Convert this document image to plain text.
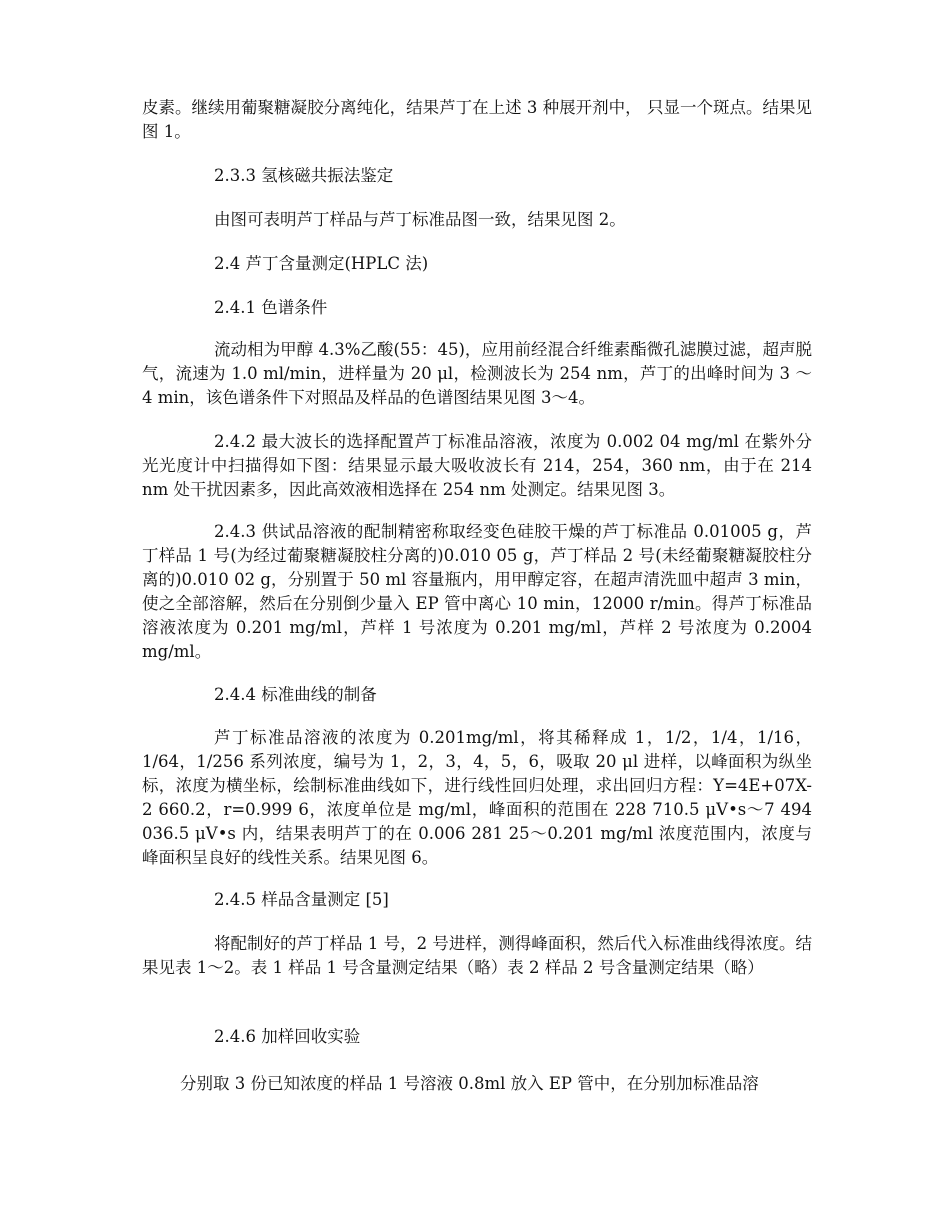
皮素。继续用葡聚糖凝胶分离纯化，结果芦丁在上述 3 种展开剂中， 只显一个斑点。结果见图 1。

2.3.3 氢核磁共振法鉴定

由图可表明芦丁样品与芦丁标准品图一致，结果见图 2。

2.4 芦丁含量测定(HPLC 法)

2.4.1 色谱条件

流动相为甲醇 4.3%乙酸(55：45)，应用前经混合纤维素酯微孔滤膜过滤，超声脱气，流速为 1.0 ml/min，进样量为 20 μl，检测波长为 254 nm，芦丁的出峰时间为 3 ～4 min，该色谱条件下对照品及样品的色谱图结果见图 3～4。

2.4.2 最大波长的选择配置芦丁标准品溶液，浓度为 0.002 04 mg/ml 在紫外分光光度计中扫描得如下图：结果显示最大吸收波长有 214，254，360 nm，由于在 214 nm 处干扰因素多，因此高效液相选择在 254 nm 处测定。结果见图 3。

2.4.3 供试品溶液的配制精密称取经变色硅胶干燥的芦丁标准品 0.01005 g，芦丁样品 1 号(为经过葡聚糖凝胶柱分离的)0.010 05 g，芦丁样品 2 号(未经葡聚糖凝胶柱分离的)0.010 02 g，分别置于 50 ml 容量瓶内，用甲醇定容，在超声清洗皿中超声 3 min，使之全部溶解，然后在分别倒少量入 EP 管中离心 10 min，12000 r/min。得芦丁标准品溶液浓度为 0.201 mg/ml，芦样 1 号浓度为 0.201 mg/ml，芦样 2 号浓度为 0.2004 mg/ml。

2.4.4 标准曲线的制备

芦丁标准品溶液的浓度为 0.201mg/ml，将其稀释成 1，1/2，1/4，1/16，1/64，1/256 系列浓度，编号为 1，2，3，4，5，6，吸取 20 μl 进样，以峰面积为纵坐标，浓度为横坐标，绘制标准曲线如下，进行线性回归处理，求出回归方程：Y=4E+07X-2 660.2，r=0.999 6，浓度单位是 mg/ml，峰面积的范围在 228 710.5 μV•s～7 494 036.5 μV•s 内，结果表明芦丁的在 0.006 281 25～0.201 mg/ml 浓度范围内，浓度与峰面积呈良好的线性关系。结果见图 6。

2.4.5 样品含量测定 [5]

将配制好的芦丁样品 1 号，2 号进样，测得峰面积，然后代入标准曲线得浓度。结果见表 1～2。表 1 样品 1 号含量测定结果（略）表 2 样品 2 号含量测定结果（略）

2.4.6 加样回收实验

分别取 3 份已知浓度的样品 1 号溶液 0.8ml 放入 EP 管中，在分别加标准品溶
